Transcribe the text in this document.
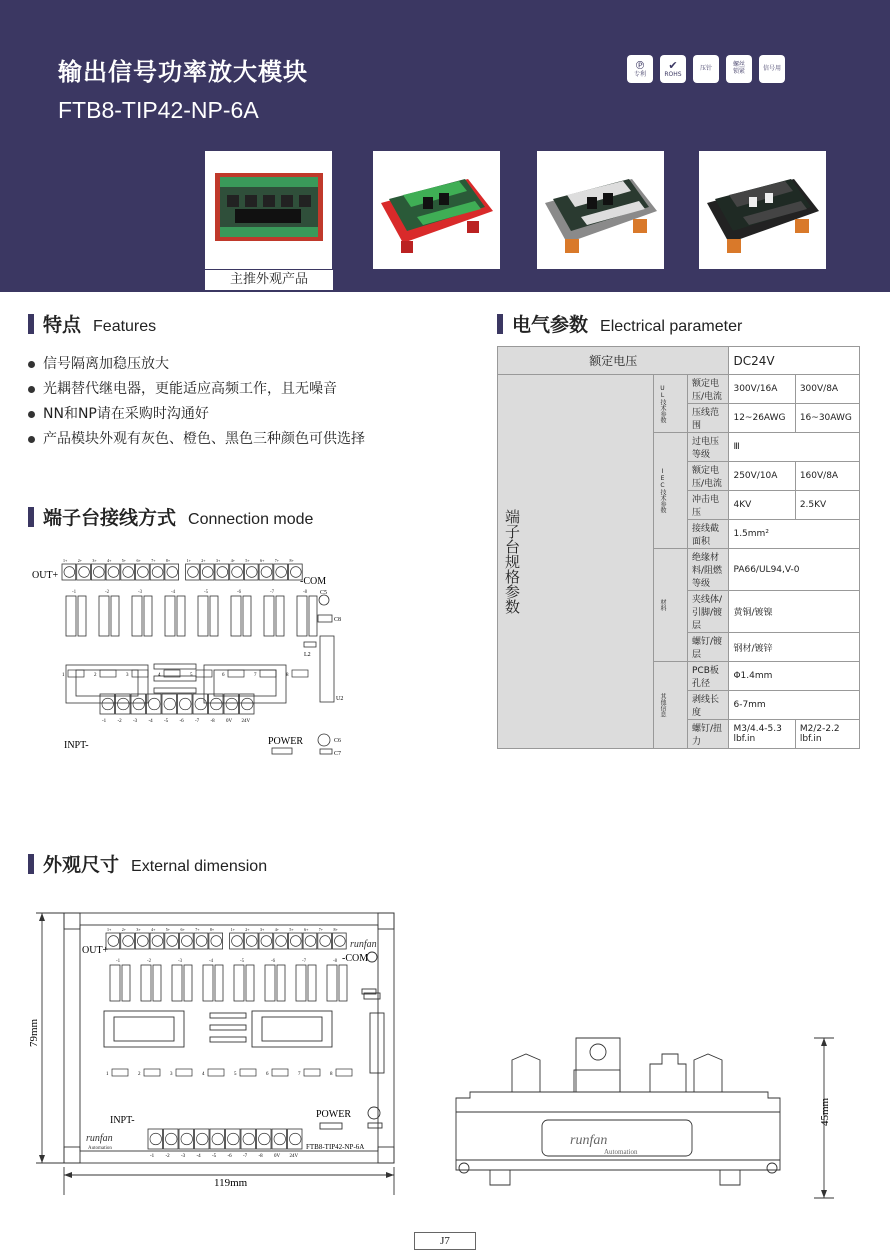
输出信号功率放大模块
FTB8-TIP42-NP-6A
℗
专利
✔
ROHS
压针	螺丝
锁紧	信号用
主推外观产品
特点 Features
信号隔离加稳压放大
光耦替代继电器，更能适应高频工作，且无噪音
NN和NP请在采购时沟通好
产品模块外观有灰色、橙色、黑色三种颜色可供选择
电气参数 Electrical parameter
额定电压			DC24V	

端子台规格参数	UL技术参数	额定电压/电流	300V/16A	300V/8A
		压线范围	12~26AWG	16~30AWG

	IEC技术参数	过电压等级	Ⅲ	
		额定电压/电流	250V/10A	160V/8A
		冲击电压	4KV	2.5KV
		接线截面积	1.5mm²	

	材料	绝缘材料/阻燃等级	PA66/UL94,V-0	
		夹线体/引脚/镀层	黄铜/镀镍	
		螺钉/镀层	钢材/镀锌	

	其他信息	PCB板孔径	Φ1.4mm	
		剥线长度	6-7mm	
		螺钉/扭力	M3/4.4-5.3 lbf.in	M2/2-2.2 lbf.in
端子台接线方式 Connection mode
OUT+
-COM
1+	2+	3+	4+	5+	6+	7+	8+	1+	2+	3+	4+	5+	6+	7+	8+
-1	-2	-3	-4	-5	-6	-7	-8
L2
U2
C5
C8
1	2	3	4	5	6	7	8
INPT-	POWER	C6
C7
-1 -2 -3 -4 -5 -6 -7 -8 0V 24V
外观尺寸 External dimension
79mm
119mm
OUT+
-COM
runfan
INPT-
POWER
FTB8-TIP42-NP-6A
runfan
Automation
1+	2+	3+	4+	5+	6+	7+	8+	1+	2+	3+	4+	5+	6+	7+	8+
-1	-2	-3	-4	-5	-6	-7	-8
1	2	3	4	5	6	7	8
-1 -2 -3 -4 -5 -6 -7 -8 0V 24V
runfan
Automation
45mm
J7
